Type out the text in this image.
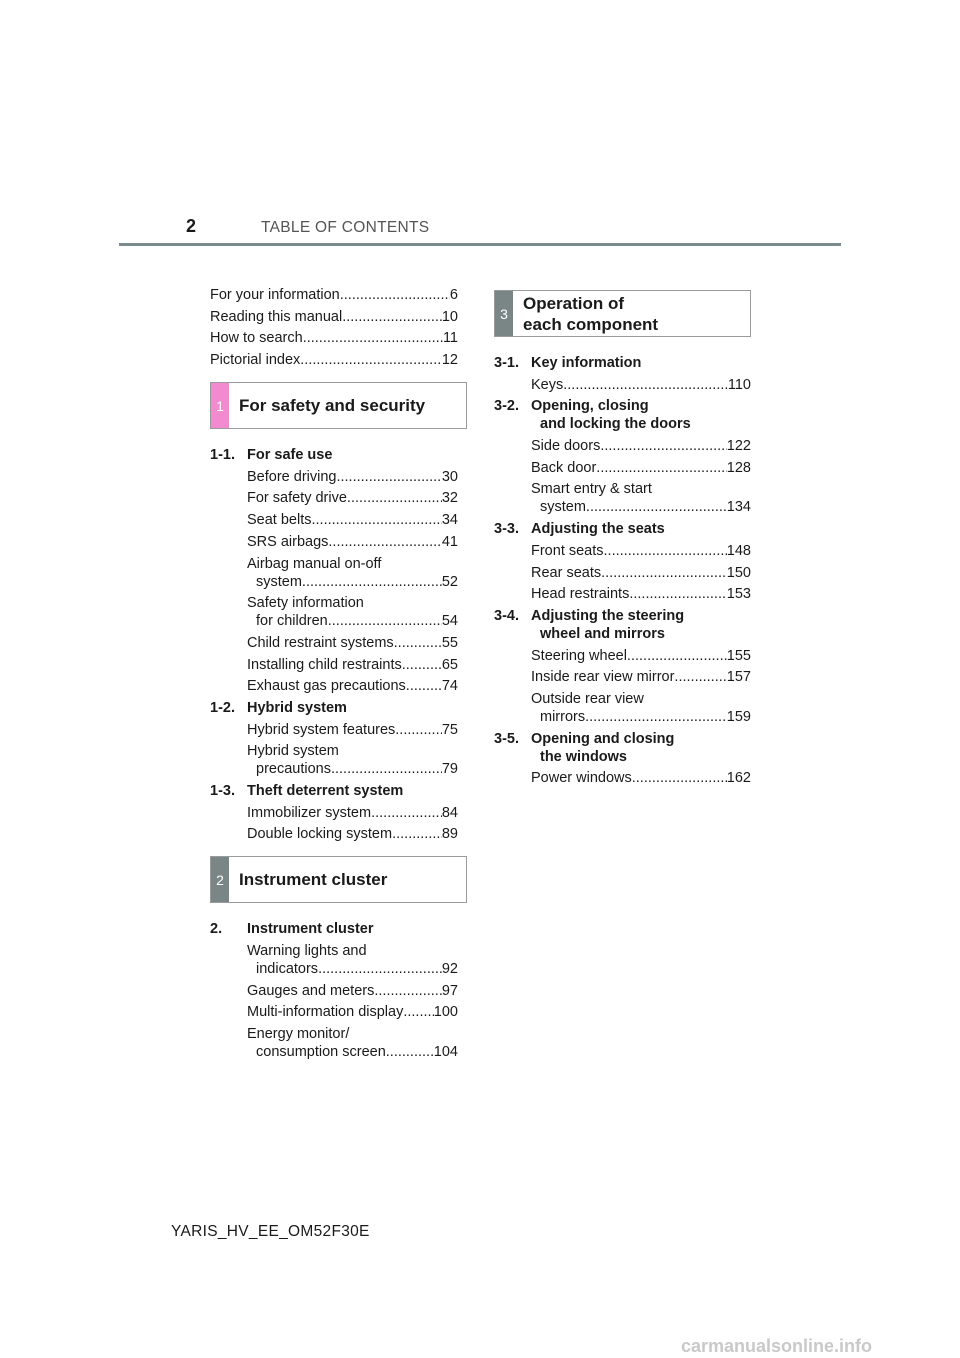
2	TABLE OF CONTENTS
For your information .....	6
Reading this manual .....	10
How to search .....	11
Pictorial index .....	12
1 For safety and security
1-1. For safe use
Before driving .....	30
For safety drive .....	32
Seat belts .....	34
SRS airbags .....	41
Airbag manual on-off
system .....	52
Safety information
for children .....	54
Child restraint systems .....	55
Installing child restraints .....	65
Exhaust gas precautions ..... 74
1-2. Hybrid system
Hybrid system features .....	75
Hybrid system
precautions .....	79
1-3. Theft deterrent system
Immobilizer system .....	84
Double locking system .....	89
2 Instrument cluster
2.	Instrument cluster
Warning lights and
indicators .....	92
Gauges and meters .....	97
Multi-information display ..... 100
Energy monitor/
consumption screen .....	104
3
Operation of
each component
3-1. Key information
Keys .....	110
3-2. Opening, closing
and locking the doors
Side doors .....	122
Back door .....	128
Smart entry & start
system .....	134
3-3. Adjusting the seats
Front seats .....	148
Rear seats .....	150
Head restraints .....	153
3-4. Adjusting the steering
wheel and mirrors
Steering wheel .....	155
Inside rear view mirror .....	157
Outside rear view
mirrors .....	159
3-5. Opening and closing
the windows
Power windows .....	162
YARIS_HV_EE_OM52F30E
carmanualsonline.info
